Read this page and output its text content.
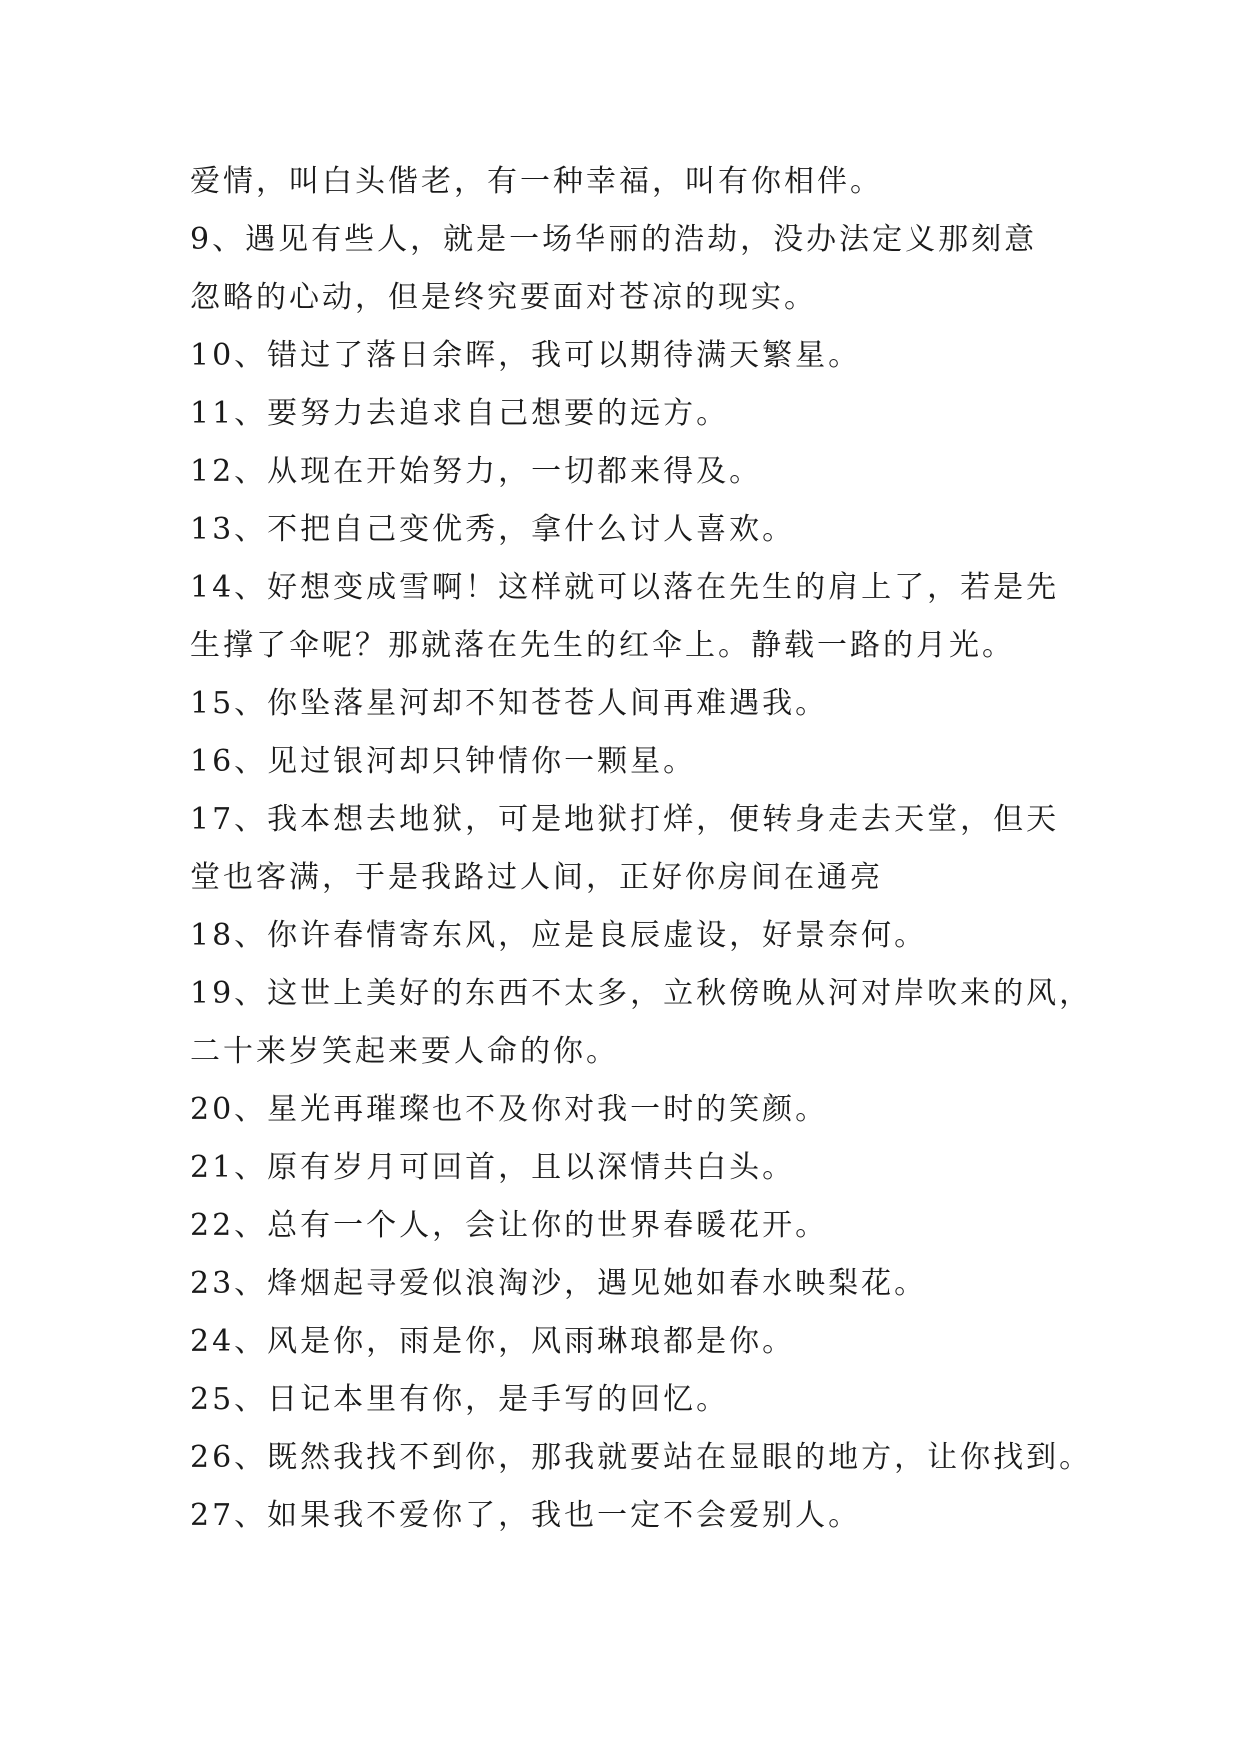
爱情，叫白头偕老，有一种幸福，叫有你相伴。
9、遇见有些人，就是一场华丽的浩劫，没办法定义那刻意
忽略的心动，但是终究要面对苍凉的现实。
10、错过了落日余晖，我可以期待满天繁星。
11、要努力去追求自己想要的远方。
12、从现在开始努力，一切都来得及。
13、不把自己变优秀，拿什么讨人喜欢。
14、好想变成雪啊！这样就可以落在先生的肩上了，若是先
生撑了伞呢？那就落在先生的红伞上。静载一路的月光。
15、你坠落星河却不知苍苍人间再难遇我。
16、见过银河却只钟情你一颗星。
17、我本想去地狱，可是地狱打烊，便转身走去天堂，但天
堂也客满，于是我路过人间，正好你房间在通亮
18、你许春情寄东风，应是良辰虚设，好景奈何。
19、这世上美好的东西不太多，立秋傍晚从河对岸吹来的风，
二十来岁笑起来要人命的你。
20、星光再璀璨也不及你对我一时的笑颜。
21、原有岁月可回首，且以深情共白头。
22、总有一个人，会让你的世界春暖花开。
23、烽烟起寻爱似浪淘沙，遇见她如春水映梨花。
24、风是你，雨是你，风雨琳琅都是你。
25、日记本里有你，是手写的回忆。
26、既然我找不到你，那我就要站在显眼的地方，让你找到。
27、如果我不爱你了，我也一定不会爱别人。
